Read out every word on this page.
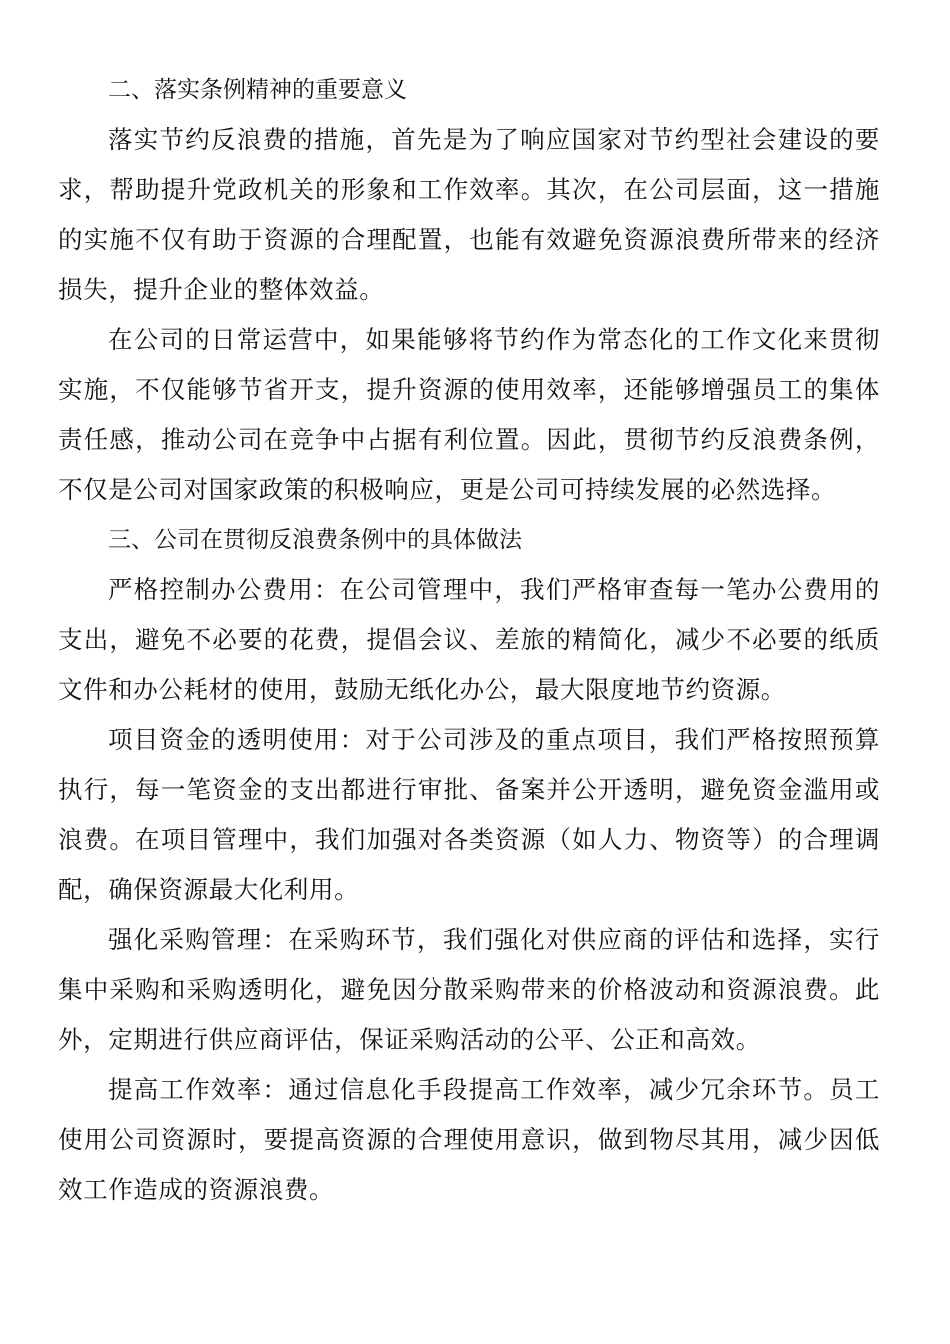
二、落实条例精神的重要意义

落实节约反浪费的措施，首先是为了响应国家对节约型社会建设的要求，帮助提升党政机关的形象和工作效率。其次，在公司层面，这一措施的实施不仅有助于资源的合理配置，也能有效避免资源浪费所带来的经济损失，提升企业的整体效益。

在公司的日常运营中，如果能够将节约作为常态化的工作文化来贯彻实施，不仅能够节省开支，提升资源的使用效率，还能够增强员工的集体责任感，推动公司在竞争中占据有利位置。因此，贯彻节约反浪费条例，不仅是公司对国家政策的积极响应，更是公司可持续发展的必然选择。

三、公司在贯彻反浪费条例中的具体做法

严格控制办公费用：在公司管理中，我们严格审查每一笔办公费用的支出，避免不必要的花费，提倡会议、差旅的精简化，减少不必要的纸质文件和办公耗材的使用，鼓励无纸化办公，最大限度地节约资源。

项目资金的透明使用：对于公司涉及的重点项目，我们严格按照预算执行，每一笔资金的支出都进行审批、备案并公开透明，避免资金滥用或浪费。在项目管理中，我们加强对各类资源（如人力、物资等）的合理调配，确保资源最大化利用。

强化采购管理：在采购环节，我们强化对供应商的评估和选择，实行集中采购和采购透明化，避免因分散采购带来的价格波动和资源浪费。此外，定期进行供应商评估，保证采购活动的公平、公正和高效。

提高工作效率：通过信息化手段提高工作效率，减少冗余环节。员工使用公司资源时，要提高资源的合理使用意识，做到物尽其用，减少因低效工作造成的资源浪费。
